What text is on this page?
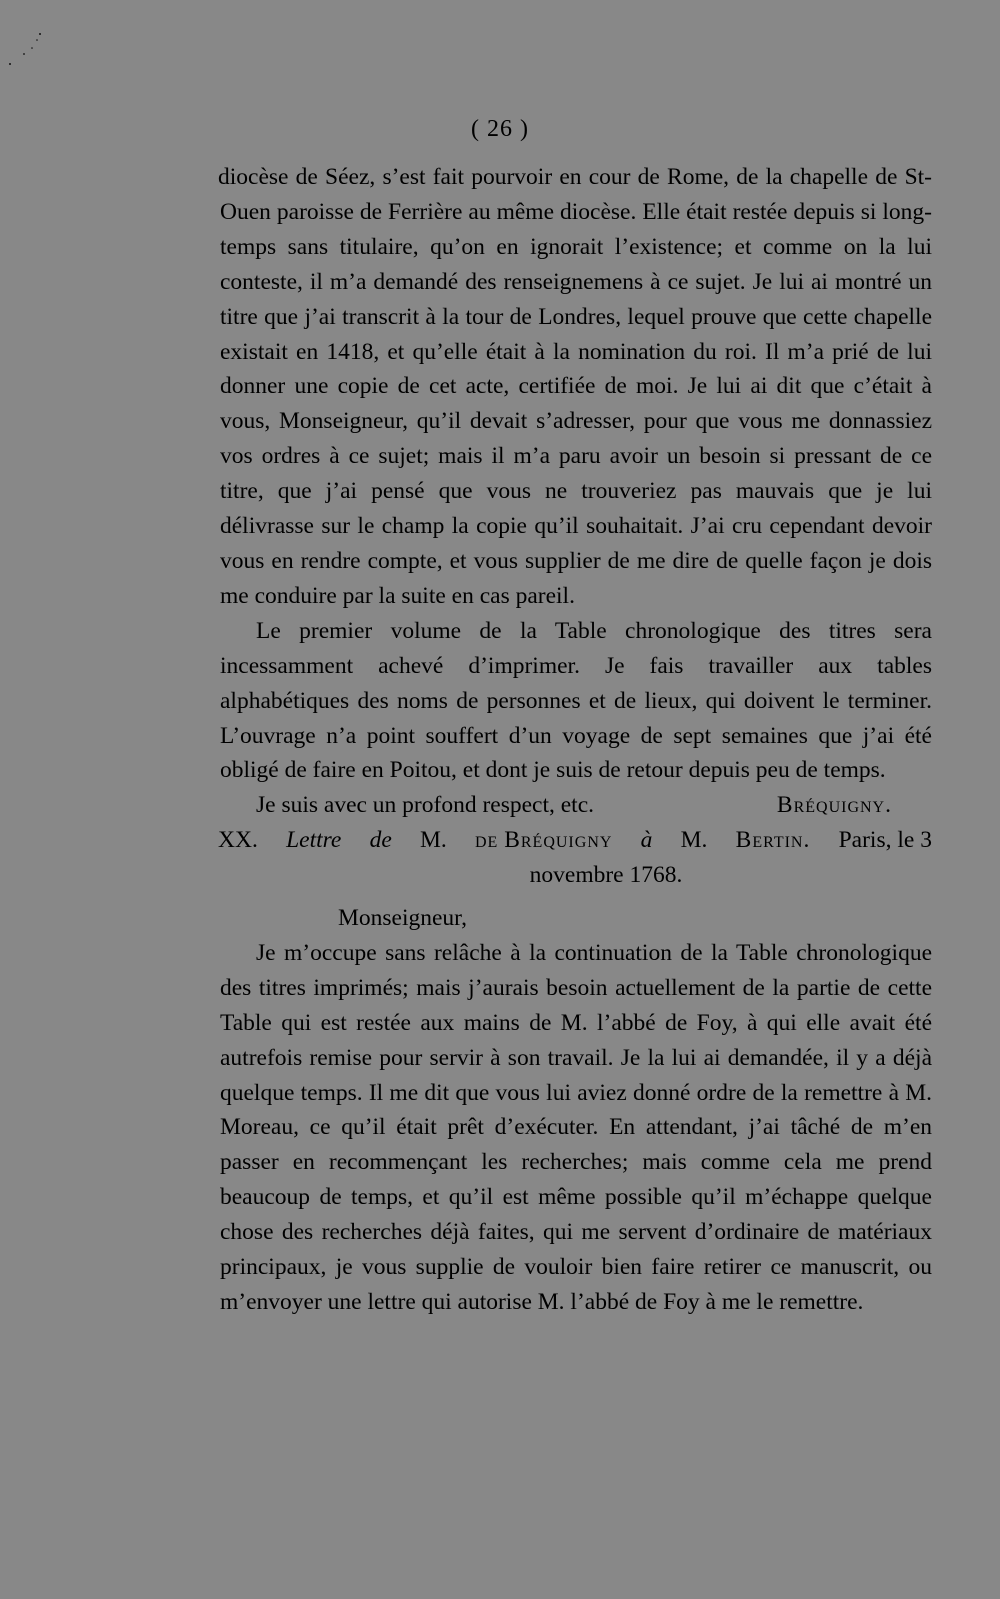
( 26 )

diocèse de Séez, s’est fait pourvoir en cour de Rome, de la chapelle de St-Ouen paroisse de Ferrière au même diocèse. Elle était restée depuis si long-temps sans titulaire, qu’on en ignorait l’existence; et comme on la lui conteste, il m’a demandé des renseignemens à ce sujet. Je lui ai montré un titre que j’ai transcrit à la tour de Londres, lequel prouve que cette chapelle existait en 1418, et qu’elle était à la nomination du roi. Il m’a prié de lui donner une copie de cet acte, certifiée de moi. Je lui ai dit que c’était à vous, Monseigneur, qu’il devait s’adresser, pour que vous me donnassiez vos ordres à ce sujet; mais il m’a paru avoir un besoin si pressant de ce titre, que j’ai pensé que vous ne trouveriez pas mauvais que je lui délivrasse sur le champ la copie qu’il souhaitait. J’ai cru cependant devoir vous en rendre compte, et vous supplier de me dire de quelle façon je dois me conduire par la suite en cas pareil.

Le premier volume de la Table chronologique des titres sera incessamment achevé d’imprimer. Je fais travailler aux tables alphabétiques des noms de personnes et de lieux, qui doivent le terminer. L’ouvrage n’a point souffert d’un voyage de sept semaines que j’ai été obligé de faire en Poitou, et dont je suis de retour depuis peu de temps.

Je suis avec un profond respect, etc.	Bréquigny.
XX. Lettre de M. de Bréquigny à M. Bertin. Paris, le 3
novembre 1768.
Monseigneur,

Je m’occupe sans relâche à la continuation de la Table chronologique des titres imprimés; mais j’aurais besoin actuellement de la partie de cette Table qui est restée aux mains de M. l’abbé de Foy, à qui elle avait été autrefois remise pour servir à son travail. Je la lui ai demandée, il y a déjà quelque temps. Il me dit que vous lui aviez donné ordre de la remettre à M. Moreau, ce qu’il était prêt d’exécuter. En attendant, j’ai tâché de m’en passer en recommençant les recherches; mais comme cela me prend beaucoup de temps, et qu’il est même possible qu’il m’échappe quelque chose des recherches déjà faites, qui me servent d’ordinaire de matériaux principaux, je vous supplie de vouloir bien faire retirer ce manuscrit, ou m’envoyer une lettre qui autorise M. l’abbé de Foy à me le remettre.
